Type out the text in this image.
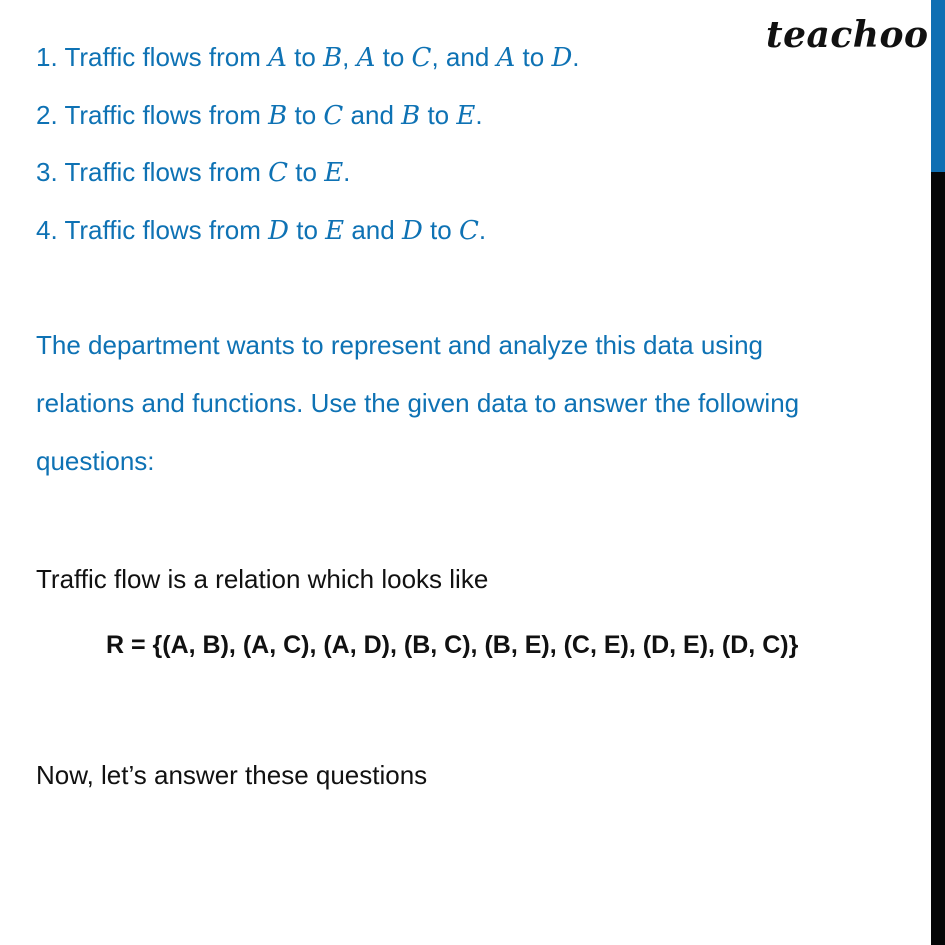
teachoo
1. Traffic flows from A to B, A to C, and A to D.
2. Traffic flows from B to C and B to E.
3. Traffic flows from C to E.
4. Traffic flows from D to E and D to C.
The department wants to represent and analyze this data using
relations and functions. Use the given data to answer the following
questions:
Traffic flow is a relation which looks like
R = {(A, B), (A, C), (A, D), (B, C), (B, E), (C, E), (D, E), (D, C)}
Now, let’s answer these questions
